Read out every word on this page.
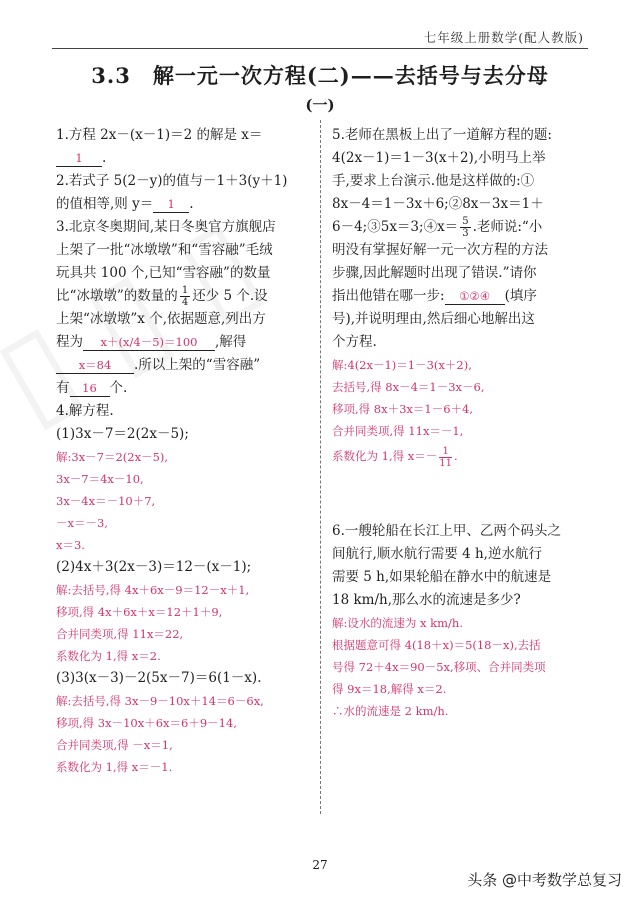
七年级上册数学(配人教版)
3.3　解一元一次方程(二)——去括号与去分母
(一)
1.方程 2x－(x－1)＝2 的解是 x＝
1 .
2.若式子 5(2－y)的值与－1＋3(y＋1)
的值相等,则 y＝ 1 .
3.北京冬奥期间,某日冬奥官方旗舰店
上架了一批“冰墩墩”和“雪容融”毛绒
玩具共 100 个,已知“雪容融”的数量
比“冰墩墩”的数量的 $\frac{1}{4}$ 还少 5 个.设
上架“冰墩墩”x 个,依据题意,列出方
程为 x＋(x/4－5)＝100 ,解得
x＝84 .所以上架的“雪容融”
有 16 个.
4.解方程.
(1)3x－7＝2(2x－5);
解:3x－7＝2(2x－5),
3x－7＝4x－10,
3x－4x＝－10＋7,
－x＝－3,
x＝3.
(2)4x＋3(2x－3)＝12－(x－1);
解:去括号,得 4x＋6x－9＝12－x＋1,
移项,得 4x＋6x＋x＝12＋1＋9,
合并同类项,得 11x＝22,
系数化为 1,得 x＝2.
(3)3(x－3)－2(5x－7)＝6(1－x).
解:去括号,得 3x－9－10x＋14＝6－6x,
移项,得 3x－10x＋6x＝6＋9－14,
合并同类项,得 －x＝1,
系数化为 1,得 x＝－1.
5.老师在黑板上出了一道解方程的题:
4(2x－1)＝1－3(x＋2),小明马上举
手,要求上台演示.他是这样做的:①
8x－4＝1－3x＋6;②8x－3x＝1＋
6－4;③5x＝3;④x＝ $\frac{5}{3}$ .老师说:“小
明没有掌握好解一元一次方程的方法
步骤,因此解题时出现了错误.”请你
指出他错在哪一步: ①②④ (填序
号),并说明理由,然后细心地解出这
个方程.
解:4(2x－1)＝1－3(x＋2),
去括号,得 8x－4＝1－3x－6,
移项,得 8x＋3x＝1－6＋4,
合并同类项,得 11x＝－1,
系数化为 1,得 $x=- \frac{1}{11}$ .
6.一艘轮船在长江上甲、乙两个码头之
间航行,顺水航行需要 4 h,逆水航行
需要 5 h,如果轮船在静水中的航速是
18 km/h,那么水的流速是多少?
解:设水的流速为 x km/h.
根据题意可得 4(18＋x)＝5(18－x),去括
号得 72＋4x＝90－5x,移项、合并同类项
得 9x＝18,解得 x＝2.
∴水的流速是 2 km/h.
27
头条 @中考数学总复习
